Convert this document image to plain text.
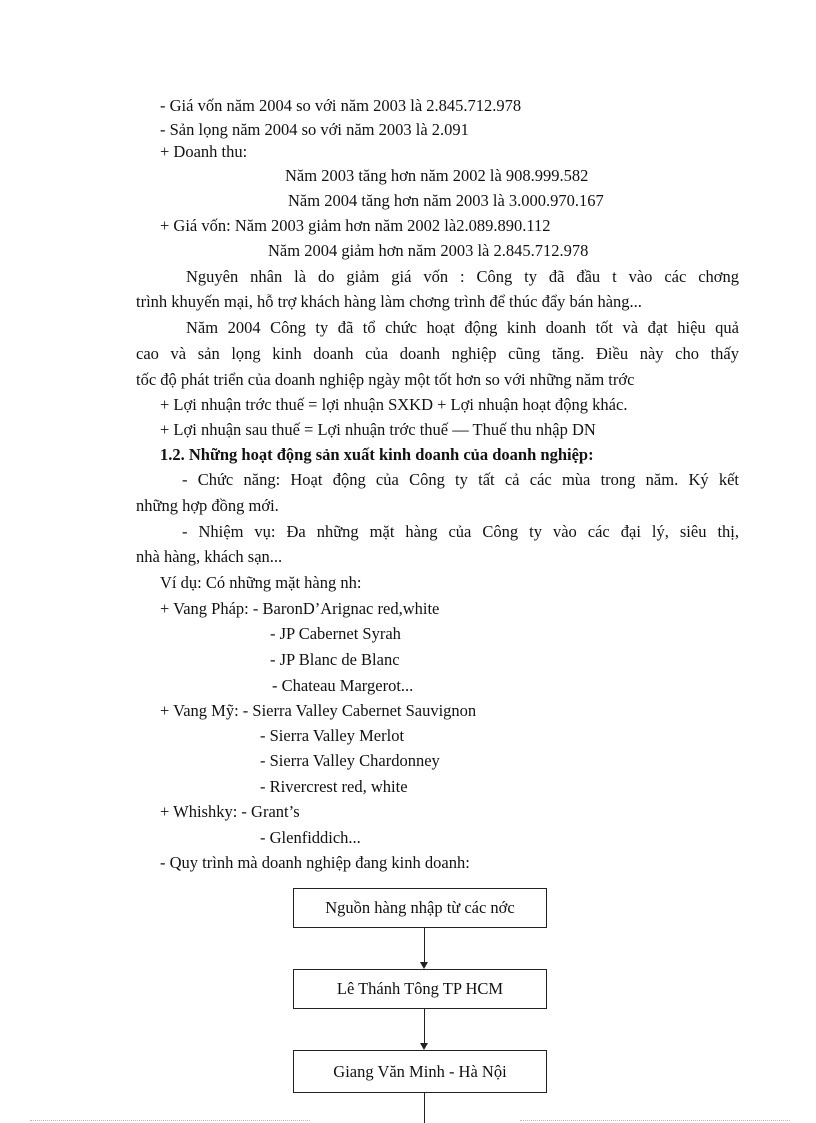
- Giá vốn năm 2004 so với năm 2003 là 2.845.712.978
- Sản lọng năm 2004 so với năm 2003 là 2.091
+ Doanh thu:
Năm 2003 tăng hơn năm 2002 là 908.999.582
Năm 2004 tăng hơn năm 2003 là 3.000.970.167
+ Giá vốn: Năm 2003 giảm hơn năm 2002 là2.089.890.112
Năm 2004 giảm hơn năm 2003 là 2.845.712.978
Nguyên nhân là do giảm giá vốn : Công ty đã đầu t vào các chơng
trình khuyến mại, hỗ trợ khách hàng làm chơng trình để thúc đẩy bán hàng...
Năm 2004 Công ty đã tổ chức hoạt động kinh doanh tốt và đạt hiệu quả
cao và sản lọng kinh doanh của doanh nghiệp cũng tăng. Điều này cho thấy
tốc độ phát triển của doanh nghiệp ngày một tốt hơn so với những năm trớc
+ Lợi nhuận trớc thuế = lợi nhuận SXKD + Lợi nhuận hoạt động khác.
+ Lợi nhuận sau thuế = Lợi nhuận trớc thuế — Thuế thu nhập DN
1.2. Những hoạt động sản xuất kinh doanh của doanh nghiệp:
- Chức năng: Hoạt động của Công ty tất cả các mùa trong năm. Ký kết
những hợp đồng mới.
- Nhiệm vụ: Đa những mặt hàng của Công ty vào các đại lý, siêu thị,
nhà hàng, khách sạn...
Ví dụ: Có những mặt hàng nh:
+ Vang Pháp: - BaronD’Arignac red,white
- JP Cabernet Syrah
- JP Blanc de Blanc
- Chateau Margerot...
+ Vang Mỹ: - Sierra Valley Cabernet Sauvignon
- Sierra Valley Merlot
- Sierra Valley Chardonney
- Rivercrest red, white
+ Whishky: - Grant’s
- Glenfiddich...
- Quy trình mà doanh nghiệp đang kinh doanh:
Nguồn hàng nhập từ các nớc
Lê Thánh Tông TP HCM
Giang Văn Minh - Hà Nội
